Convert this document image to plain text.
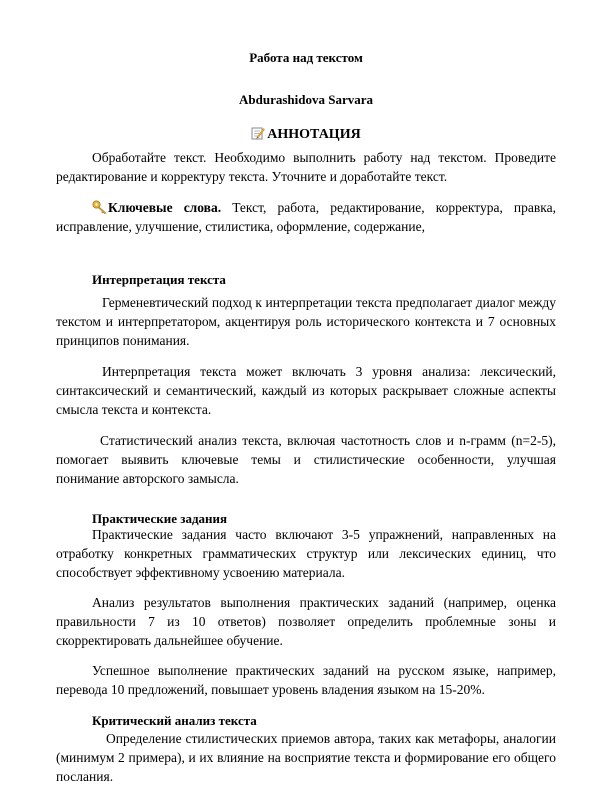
Работа над текстом
Abdurashidova Sarvara
АННОТАЦИЯ
Обработайте текст. Необходимо выполнить работу над текстом. Проведите редактирование и корректуру текста. Уточните и доработайте текст.
Ключевые слова. Текст, работа, редактирование, корректура, правка, исправление, улучшение, стилистика, оформление, содержание,
Интерпретация текста
Герменевтический подход к интерпретации текста предполагает диалог между текстом и интерпретатором, акцентируя роль исторического контекста и 7 основных принципов понимания.
Интерпретация текста может включать 3 уровня анализа: лексический, синтаксический и семантический, каждый из которых раскрывает сложные аспекты смысла текста и контекста.
Статистический анализ текста, включая частотность слов и n-грамм (n=2-5), помогает выявить ключевые темы и стилистические особенности, улучшая понимание авторского замысла.
Практические задания
Практические задания часто включают 3-5 упражнений, направленных на отработку конкретных грамматических структур или лексических единиц, что способствует эффективному усвоению материала.
Анализ результатов выполнения практических заданий (например, оценка правильности 7 из 10 ответов) позволяет определить проблемные зоны и скорректировать дальнейшее обучение.
Успешное выполнение практических заданий на русском языке, например, перевода 10 предложений, повышает уровень владения языком на 15-20%.
Критический анализ текста
Определение стилистических приемов автора, таких как метафоры, аналогии (минимум 2 примера), и их влияние на восприятие текста и формирование его общего послания.
